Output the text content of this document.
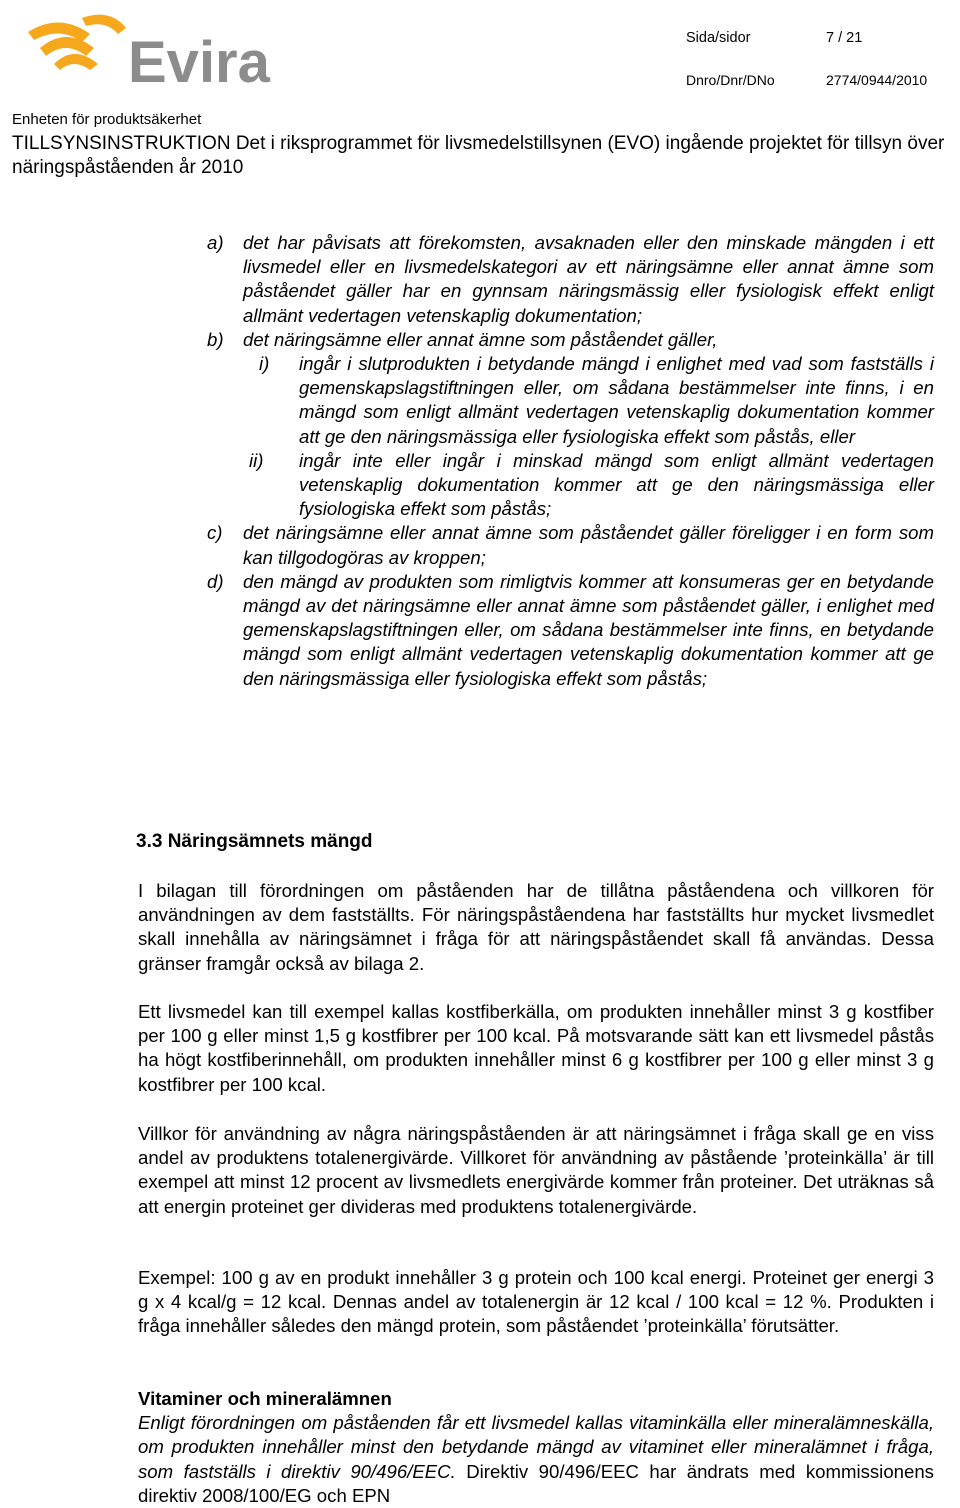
Evira	Sida/sidor	7 / 21
Dnro/Dnr/DNo	2774/0944/2010
Enheten för produktsäkerhet
TILLSYNSINSTRUKTION Det i riksprogrammet för livsmedelstillsynen (EVO) ingående projektet för tillsyn över näringspåståenden år 2010
a) det har påvisats att förekomsten, avsaknaden eller den minskade mängden i ett livsmedel eller en livsmedelskategori av ett näringsämne eller annat ämne som påståendet gäller har en gynnsam näringsmässig eller fysiologisk effekt enligt allmänt vedertagen vetenskaplig dokumentation;
b) det näringsämne eller annat ämne som påståendet gäller,
i) ingår i slutprodukten i betydande mängd i enlighet med vad som fastställs i gemenskapslagstiftningen eller, om sådana bestämmelser inte finns, i en mängd som enligt allmänt vedertagen vetenskaplig dokumentation kommer att ge den näringsmässiga eller fysiologiska effekt som påstås, eller
ii) ingår inte eller ingår i minskad mängd som enligt allmänt vedertagen vetenskaplig dokumentation kommer att ge den näringsmässiga eller fysiologiska effekt som påstås;
c) det näringsämne eller annat ämne som påståendet gäller föreligger i en form som kan tillgodogöras av kroppen;
d) den mängd av produkten som rimligtvis kommer att konsumeras ger en betydande mängd av det näringsämne eller annat ämne som påståendet gäller, i enlighet med gemenskapslagstiftningen eller, om sådana bestämmelser inte finns, en betydande mängd som enligt allmänt vedertagen vetenskaplig dokumentation kommer att ge den näringsmässiga eller fysiologiska effekt som påstås;
3.3 Näringsämnets mängd
I bilagan till förordningen om påståenden har de tillåtna påståendena och villkoren för användningen av dem fastställts. För näringspåståendena har fastställts hur mycket livsmedlet skall innehålla av näringsämnet i fråga för att näringspåståendet skall få användas. Dessa gränser framgår också av bilaga 2.
Ett livsmedel kan till exempel kallas kostfiberkälla, om produkten innehåller minst 3 g kostfiber per 100 g eller minst 1,5 g kostfibrer per 100 kcal. På motsvarande sätt kan ett livsmedel påstås ha högt kostfiberinnehåll, om produkten innehåller minst 6 g kostfibrer per 100 g eller minst 3 g kostfibrer per 100 kcal.
Villkor för användning av några näringspåståenden är att näringsämnet i fråga skall ge en viss andel av produktens totalenergivärde. Villkoret för användning av påstående ’proteinkälla’ är till exempel att minst 12 procent av livsmedlets energivärde kommer från proteiner. Det uträknas så att energin proteinet ger divideras med produktens totalenergivärde.
Exempel: 100 g av en produkt innehåller 3 g protein och 100 kcal energi. Proteinet ger energi 3 g x 4 kcal/g = 12 kcal. Dennas andel av totalenergin är 12 kcal / 100 kcal = 12 %. Produkten i fråga innehåller således den mängd protein, som påståendet ’proteinkälla’ förutsätter.
Vitaminer och mineralämnen
Enligt förordningen om påståenden får ett livsmedel kallas vitaminkälla eller mineralämneskälla, om produkten innehåller minst den betydande mängd av vitaminet eller mineralämnet i fråga, som fastställs i direktiv 90/496/EEC. Direktiv 90/496/EEC har ändrats med kommissionens direktiv 2008/100/EG och EPN
